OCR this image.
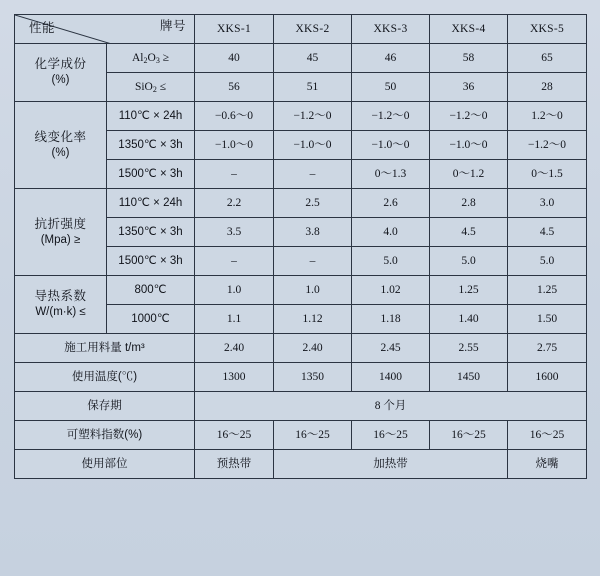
牌号
性能		XKS-1	XKS-2	XKS-3	XKS-4	XKS-5

化学成份
(%)	$Al_2O_3$ ≥	40	45	46	58	65
	SiO$_2$ ≤	56	51	50	36	28

线变化率
(%)	110℃ × 24h	−0.6～0	−1.2～0	−1.2～0	−1.2～0	1.2～0
	1350℃ × 3h	−1.0～0	−1.0～0	−1.0～0	−1.0～0	−1.2～0
	1500℃ × 3h	–	–	0～1.3	0～1.2	0～1.5

抗折强度
(Mpa) ≥	110℃ × 24h	2.2	2.5	2.6	2.8	3.0
	1350℃ × 3h	3.5	3.8	4.0	4.5	4.5
	1500℃ × 3h	–	–	5.0	5.0	5.0

导热系数
W/(m·k) ≤	800℃	1.0	1.0	1.02	1.25	1.25
	1000℃	1.1	1.12	1.18	1.40	1.50
施工用料量 t/m³		2.40	2.40	2.45	2.55	2.75
使用温度(℃)		1300	1350	1400	1450	1600
保存期		8 个月				
可塑料指数(%)		16～25	16～25	16～25	16～25	16～25
使用部位		预热带	加热带			烧嘴
